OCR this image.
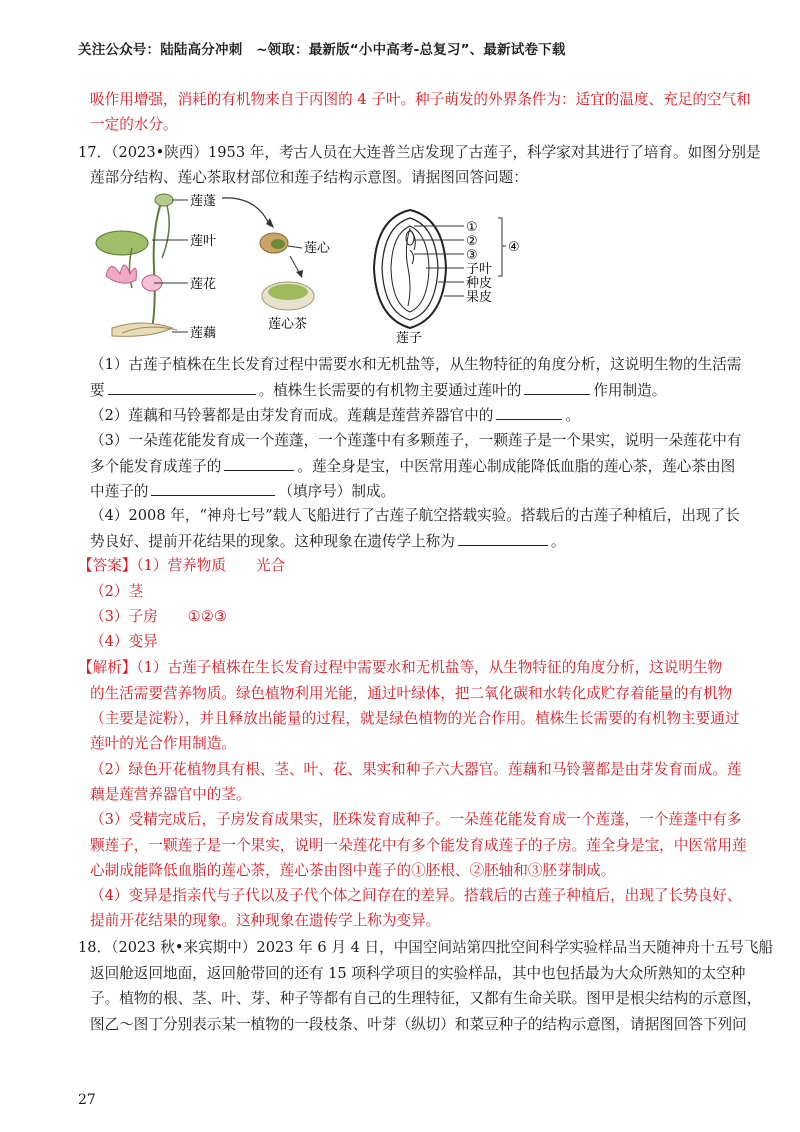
关注公众号：陆陆高分冲刺　~领取：最新版“小中高考-总复习”、最新试卷下载
吸作用增强，消耗的有机物来自于丙图的 4 子叶。种子萌发的外界条件为：适宜的温度、充足的空气和
一定的水分。
17．（2023•陕西）1953 年，考古人员在大连普兰店发现了古莲子，科学家对其进行了培育。如图分别是
莲部分结构、莲心茶取材部位和莲子结构示意图。请据图回答问题：
莲蓬
莲叶
莲花
莲藕
莲心
莲心茶
①
②
③
子叶
种皮
果皮
④
莲子
（1）古莲子植株在生长发育过程中需要水和无机盐等，从生物特征的角度分析，这说明生物的生活需
要	。植株生长需要的有机物主要通过莲叶的	作用制造。
（2）莲藕和马铃薯都是由芽发育而成。莲藕是莲营养器官中的	。
（3）一朵莲花能发育成一个莲蓬，一个莲蓬中有多颗莲子，一颗莲子是一个果实，说明一朵莲花中有
多个能发育成莲子的	。莲全身是宝，中医常用莲心制成能降低血脂的莲心茶，莲心茶由图
中莲子的	（填序号）制成。
（4）2008 年，“神舟七号”载人飞船进行了古莲子航空搭载实验。搭载后的古莲子种植后，出现了长
势良好、提前开花结果的现象。这种现象在遗传学上称为	。
【答案】（1）营养物质 光合
（2）茎
（3）子房 ①②③
（4）变异
【解析】（1）古莲子植株在生长发育过程中需要水和无机盐等，从生物特征的角度分析，这说明生物
的生活需要营养物质。绿色植物利用光能，通过叶绿体，把二氧化碳和水转化成贮存着能量的有机物
（主要是淀粉），并且释放出能量的过程，就是绿色植物的光合作用。植株生长需要的有机物主要通过
莲叶的光合作用制造。
（2）绿色开花植物具有根、茎、叶、花、果实和种子六大器官。莲藕和马铃薯都是由芽发育而成。莲
藕是莲营养器官中的茎。
（3）受精完成后，子房发育成果实，胚珠发育成种子。一朵莲花能发育成一个莲蓬，一个莲蓬中有多
颗莲子，一颗莲子是一个果实，说明一朵莲花中有多个能发育成莲子的子房。莲全身是宝，中医常用莲
心制成能降低血脂的莲心茶，莲心茶由图中莲子的①胚根、②胚轴和③胚芽制成。
（4）变异是指亲代与子代以及子代个体之间存在的差异。搭载后的古莲子种植后，出现了长势良好、
提前开花结果的现象。这种现象在遗传学上称为变异。
18．（2023 秋•来宾期中）2023 年 6 月 4 日，中国空间站第四批空间科学实验样品当天随神舟十五号飞船
返回舱返回地面，返回舱带回的还有 15 项科学项目的实验样品，其中也包括最为大众所熟知的太空种
子。植物的根、茎、叶、芽、种子等都有自己的生理特征，又都有生命关联。图甲是根尖结构的示意图，
图乙～图丁分别表示某一植物的一段枝条、叶芽（纵切）和菜豆种子的结构示意图，请据图回答下列问
27
